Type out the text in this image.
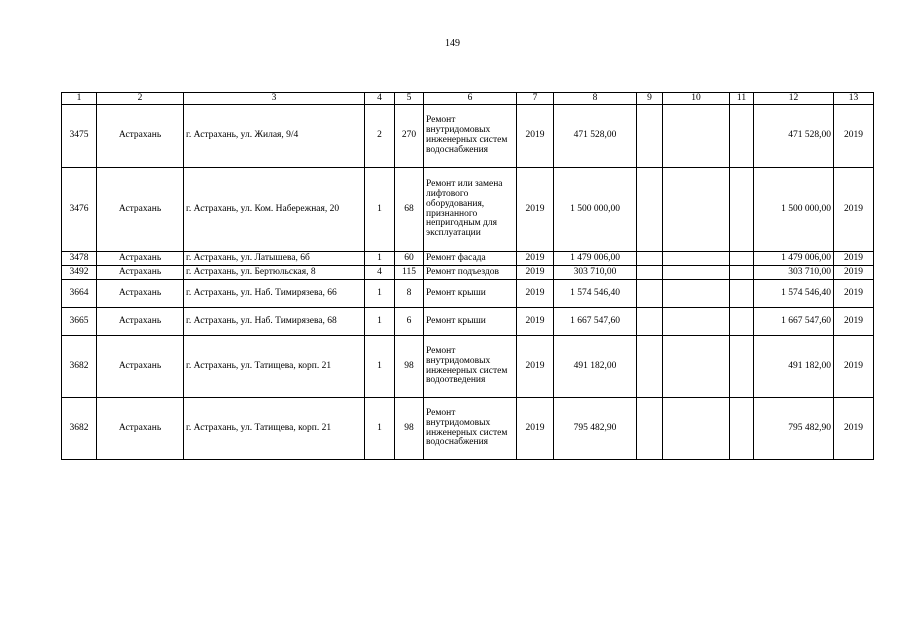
149
1	2	3	4	5	6	7	8	9	10	11	12	13
3475	Астрахань	г. Астрахань, ул. Жилая, 9/4	2	270	Ремонт внутридомовых инженерных систем водоснабжения	2019	471 528,00				471 528,00	2019
3476	Астрахань	г. Астрахань, ул. Ком. Набережная, 20	1	68	Ремонт или замена лифтового оборудования, признанного непригодным для эксплуатации	2019	1 500 000,00				1 500 000,00	2019
3478	Астрахань	г. Астрахань, ул. Латышева, 6б	1	60	Ремонт фасада	2019	1 479 006,00				1 479 006,00	2019
3492	Астрахань	г. Астрахань, ул. Бертюльская, 8	4	115	Ремонт подъездов	2019	303 710,00				303 710,00	2019
3664	Астрахань	г. Астрахань, ул. Наб. Тимирязева, 66	1	8	Ремонт крыши	2019	1 574 546,40				1 574 546,40	2019
3665	Астрахань	г. Астрахань, ул. Наб. Тимирязева, 68	1	6	Ремонт крыши	2019	1 667 547,60				1 667 547,60	2019
3682	Астрахань	г. Астрахань, ул. Татищева, корп. 21	1	98	Ремонт внутридомовых инженерных систем водоотведения	2019	491 182,00				491 182,00	2019
3682	Астрахань	г. Астрахань, ул. Татищева, корп. 21	1	98	Ремонт внутридомовых инженерных систем водоснабжения	2019	795 482,90				795 482,90	2019
